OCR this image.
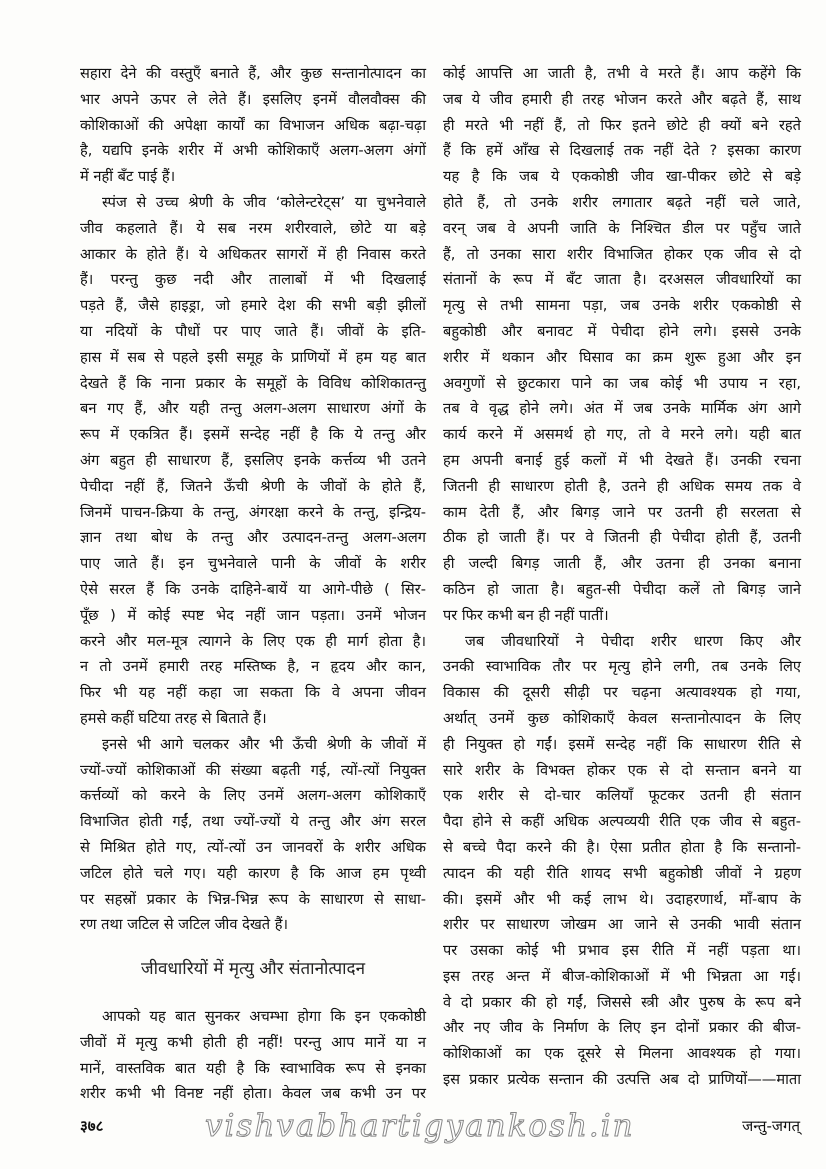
सहारा देने की वस्तुएँ बनाते हैं, और कुछ सन्तानोत्पादन का
भार अपने ऊपर ले लेते हैं। इसलिए इनमें वौलवौक्स की
कोशिकाओं की अपेक्षा कार्यों का विभाजन अधिक बढ़ा-चढ़ा
है, यद्यपि इनके शरीर में अभी कोशिकाएँ अलग-अलग अंगों
में नहीं बँट पाई हैं।
स्पंज से उच्च श्रेणी के जीव ‘कोलेन्टरेट्स’ या चुभनेवाले
जीव कहलाते हैं। ये सब नरम शरीरवाले, छोटे या बड़े
आकार के होते हैं। ये अधिकतर सागरों में ही निवास करते
हैं। परन्तु कुछ नदी और तालाबों में भी दिखलाई
पड़ते हैं, जैसे हाइड्रा, जो हमारे देश की सभी बड़ी झीलों
या नदियों के पौधों पर पाए जाते हैं। जीवों के इति-
हास में सब से पहले इसी समूह के प्राणियों में हम यह बात
देखते हैं कि नाना प्रकार के समूहों के विविध कोशिकातन्तु
बन गए हैं, और यही तन्तु अलग-अलग साधारण अंगों के
रूप में एकत्रित हैं। इसमें सन्देह नहीं है कि ये तन्तु और
अंग बहुत ही साधारण हैं, इसलिए इनके कर्त्तव्य भी उतने
पेचीदा नहीं हैं, जितने ऊँची श्रेणी के जीवों के होते हैं,
जिनमें पाचन-क्रिया के तन्तु, अंगरक्षा करने के तन्तु, इन्द्रिय-
ज्ञान तथा बोध के तन्तु और उत्पादन-तन्तु अलग-अलग
पाए जाते हैं। इन चुभनेवाले पानी के जीवों के शरीर
ऐसे सरल हैं कि उनके दाहिने-बायें या आगे-पीछे ( सिर-
पूँछ ) में कोई स्पष्ट भेद नहीं जान पड़ता। उनमें भोजन
करने और मल-मूत्र त्यागने के लिए एक ही मार्ग होता है।
न तो उनमें हमारी तरह मस्तिष्क है, न हृदय और कान,
फिर भी यह नहीं कहा जा सकता कि वे अपना जीवन
हमसे कहीं घटिया तरह से बिताते हैं।
इनसे भी आगे चलकर और भी ऊँची श्रेणी के जीवों में
ज्यों-ज्यों कोशिकाओं की संख्या बढ़ती गई, त्यों-त्यों नियुक्त
कर्त्तव्यों को करने के लिए उनमें अलग-अलग कोशिकाएँ
विभाजित होती गईं, तथा ज्यों-ज्यों ये तन्तु और अंग सरल
से मिश्रित होते गए, त्यों-त्यों उन जानवरों के शरीर अधिक
जटिल होते चले गए। यही कारण है कि आज हम पृथ्वी
पर सहस्रों प्रकार के भिन्न-भिन्न रूप के साधारण से साधा-
रण तथा जटिल से जटिल जीव देखते हैं।
जीवधारियों में मृत्यु और संतानोत्पादन
आपको यह बात सुनकर अचम्भा होगा कि इन एककोष्ठी
जीवों में मृत्यु कभी होती ही नहीं! परन्तु आप मानें या न
मानें, वास्तविक बात यही है कि स्वाभाविक रूप से इनका
शरीर कभी भी विनष्ट नहीं होता। केवल जब कभी उन पर
कोई आपत्ति आ जाती है, तभी वे मरते हैं। आप कहेंगे कि
जब ये जीव हमारी ही तरह भोजन करते और बढ़ते हैं, साथ
ही मरते भी नहीं हैं, तो फिर इतने छोटे ही क्यों बने रहते
हैं कि हमें आँख से दिखलाई तक नहीं देते ? इसका कारण
यह है कि जब ये एककोष्ठी जीव खा-पीकर छोटे से बड़े
होते हैं, तो उनके शरीर लगातार बढ़ते नहीं चले जाते,
वरन् जब वे अपनी जाति के निश्चित डील पर पहुँच जाते
हैं, तो उनका सारा शरीर विभाजित होकर एक जीव से दो
संतानों के रूप में बँट जाता है। दरअसल जीवधारियों का
मृत्यु से तभी सामना पड़ा, जब उनके शरीर एककोष्ठी से
बहुकोष्ठी और बनावट में पेचीदा होने लगे। इससे उनके
शरीर में थकान और घिसाव का क्रम शुरू हुआ और इन
अवगुणों से छुटकारा पाने का जब कोई भी उपाय न रहा,
तब वे वृद्ध होने लगे। अंत में जब उनके मार्मिक अंग आगे
कार्य करने में असमर्थ हो गए, तो वे मरने लगे। यही बात
हम अपनी बनाई हुई कलों में भी देखते हैं। उनकी रचना
जितनी ही साधारण होती है, उतने ही अधिक समय तक वे
काम देती हैं, और बिगड़ जाने पर उतनी ही सरलता से
ठीक हो जाती हैं। पर वे जितनी ही पेचीदा होती हैं, उतनी
ही जल्दी बिगड़ जाती हैं, और उतना ही उनका बनाना
कठिन हो जाता है। बहुत-सी पेचीदा कलें तो बिगड़ जाने
पर फिर कभी बन ही नहीं पातीं।
जब जीवधारियों ने पेचीदा शरीर धारण किए और
उनकी स्वाभाविक तौर पर मृत्यु होने लगी, तब उनके लिए
विकास की दूसरी सीढ़ी पर चढ़ना अत्यावश्यक हो गया,
अर्थात् उनमें कुछ कोशिकाएँ केवल सन्तानोत्पादन के लिए
ही नियुक्त हो गईं। इसमें सन्देह नहीं कि साधारण रीति से
सारे शरीर के विभक्त होकर एक से दो सन्तान बनने या
एक शरीर से दो-चार कलियाँ फूटकर उतनी ही संतान
पैदा होने से कहीं अधिक अल्पव्ययी रीति एक जीव से बहुत-
से बच्चे पैदा करने की है। ऐसा प्रतीत होता है कि सन्तानो-
त्पादन की यही रीति शायद सभी बहुकोष्ठी जीवों ने ग्रहण
की। इसमें और भी कई लाभ थे। उदाहरणार्थ, माँ-बाप के
शरीर पर साधारण जोखम आ जाने से उनकी भावी संतान
पर उसका कोई भी प्रभाव इस रीति में नहीं पड़ता था।
इस तरह अन्त में बीज-कोशिकाओं में भी भिन्नता आ गई।
वे दो प्रकार की हो गईं, जिससे स्त्री और पुरुष के रूप बने
और नए जीव के निर्माण के लिए इन दोनों प्रकार की बीज-
कोशिकाओं का एक दूसरे से मिलना आवश्यक हो गया।
इस प्रकार प्रत्येक सन्तान की उत्पत्ति अब दो प्राणियों——माता
३७८	vishvabhartigyankosh.in	जन्तु-जगत्
